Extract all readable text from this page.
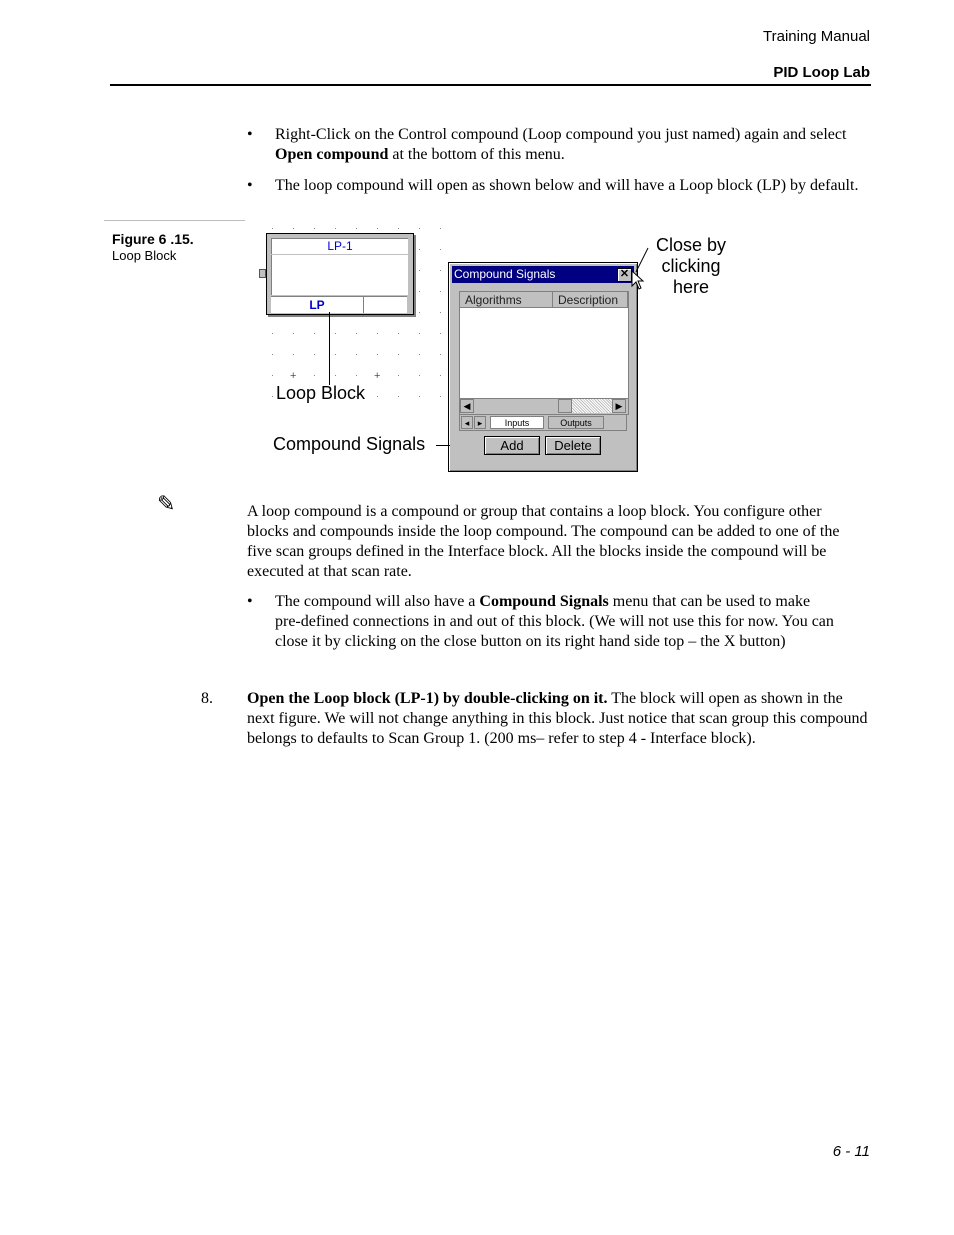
Training Manual
PID Loop Lab
• Right-Click on the Control compound (Loop compound you just named) again and select Open compound at the bottom of this menu.
• The loop compound will open as shown below and will have a Loop block (LP) by default.
Figure 6 .15.
Loop Block
+	+
LP-1
LP
Compound Signals	✕
Algorithms	Description
◀	▶
◂ ▸	Inputs	Outputs
Add	Delete
Close by
clicking
here
Loop Block
Compound Signals
✎	A loop compound is a compound or group that contains a loop block. You configure other blocks and compounds inside the loop compound. The compound can be added to one of the five scan groups defined in the Interface block. All the blocks inside the compound will be executed at that scan rate.
• The compound will also have a Compound Signals menu that can be used to make pre-defined connections in and out of this block. (We will not use this for now. You can close it by clicking on the close button on its right hand side top – the X button)
8. Open the Loop block (LP-1) by double-clicking on it. The block will open as shown in the next figure. We will not change anything in this block. Just notice that scan group this compound belongs to defaults to Scan Group 1. (200 ms– refer to step 4 - Interface block).
6 - 11
